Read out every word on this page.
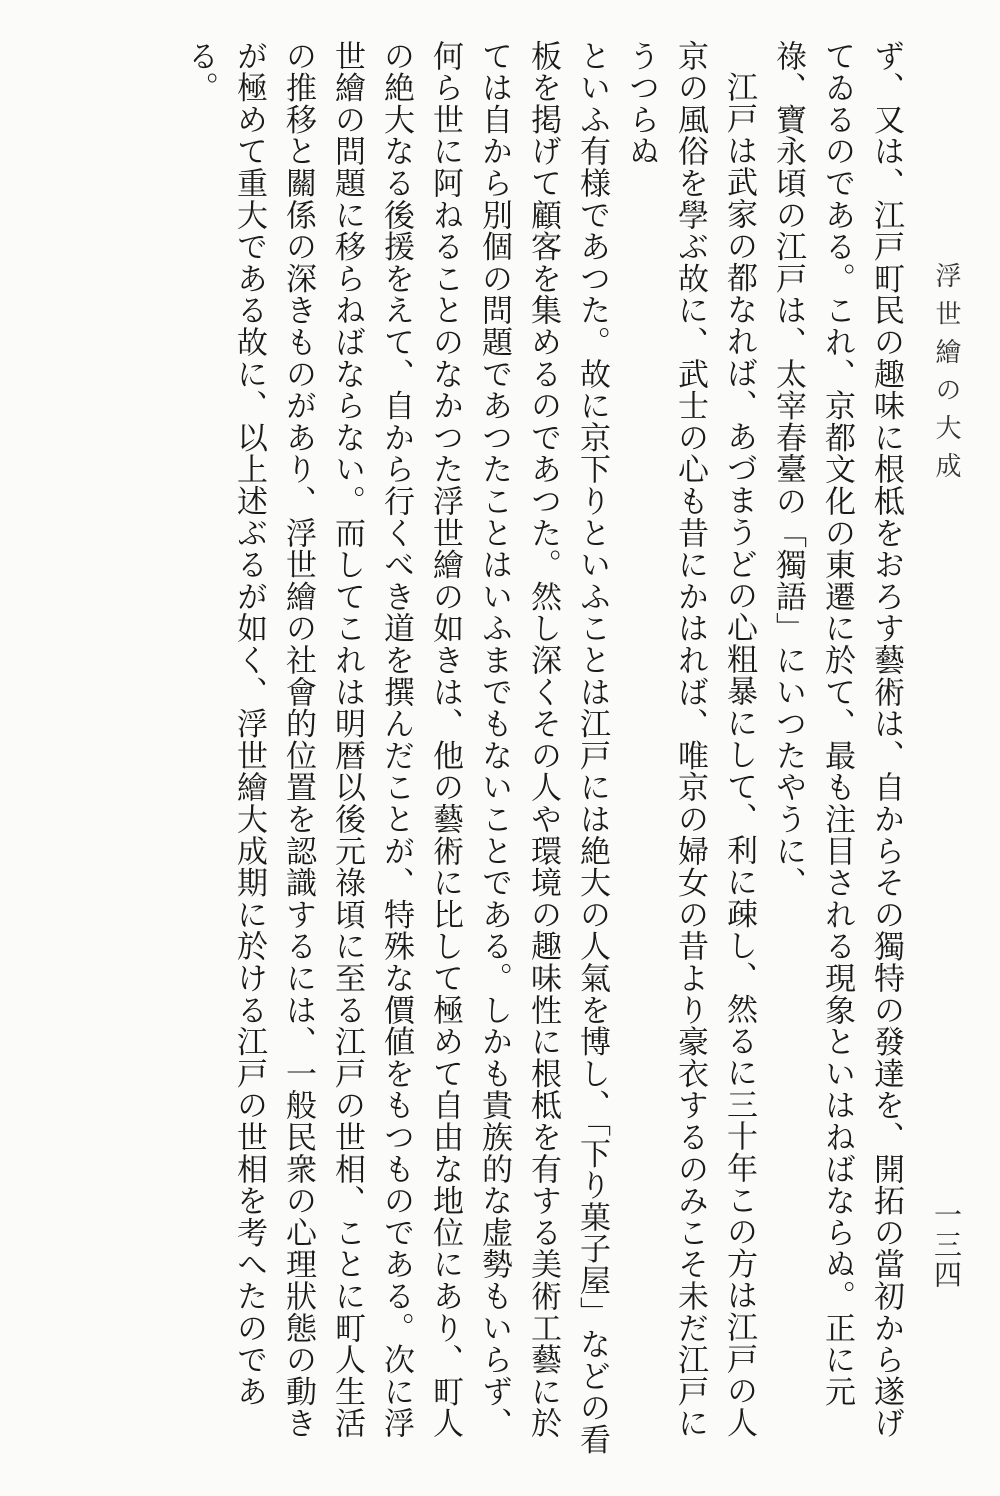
浮世繪の大成
一三四

ず、又は、江戸町民の趣味に根柢をおろす藝術は、自からその獨特の發達を、開拓の當初から遂げてゐるのである。これ、京都文化の東遷に於て、最も注目される現象といはねばならぬ。正に元祿、寶永頃の江戸は、太宰春臺の「獨語」にいつたやうに、

江戸は武家の都なれば、あづまうどの心粗暴にして、利に疎し、然るに三十年この方は江戸の人京の風俗を學ぶ故に、武士の心も昔にかはれば、唯京の婦女の昔より豪衣するのみこそ未だ江戸にうつらぬ

といふ有様であつた。故に京下りといふことは江戸には絶大の人氣を博し、「下り菓子屋」などの看板を掲げて顧客を集めるのであつた。然し深くその人や環境の趣味性に根柢を有する美術工藝に於ては自から別個の問題であつたことはいふまでもないことである。しかも貴族的な虚勢もいらず、何ら世に阿ねることのなかつた浮世繪の如きは、他の藝術に比して極めて自由な地位にあり、町人の絶大なる後援をえて、自から行くべき道を撰んだことが、特殊な價値をもつものである。次に浮世繪の問題に移らねばならない。而してこれは明暦以後元祿頃に至る江戸の世相、ことに町人生活の推移と關係の深きものがあり、浮世繪の社會的位置を認識するには、一般民衆の心理狀態の動きが極めて重大である故に、以上述ぶるが如く、浮世繪大成期に於ける江戸の世相を考へたのである。
